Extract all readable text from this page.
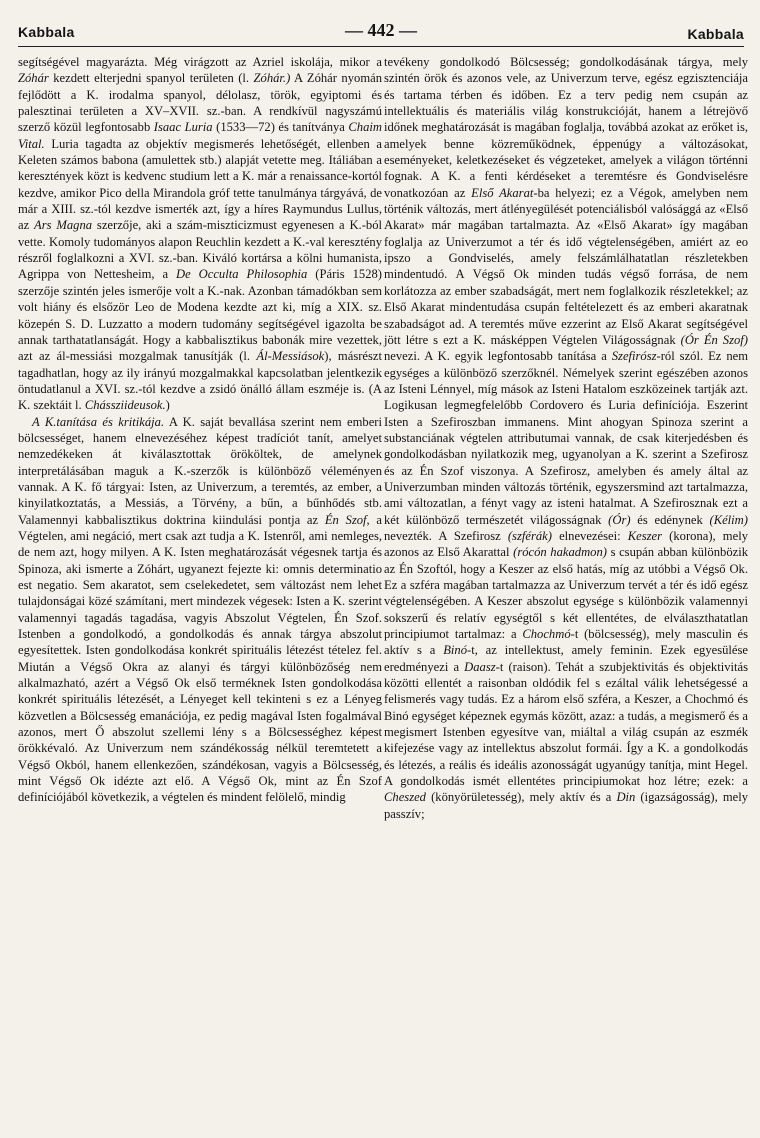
Kabbala	— 442 —	Kabbala

segítségével magyarázta. Még virágzott az Azriel iskolája, mikor a Zóhár kezdett elterjedni spanyol területen (l. Zóhár.) A Zóhár nyomán fejlődött a K. irodalma spanyol, délolasz, török, egyiptomi és palesztinai területen a XV–XVII. sz.-ban. A rendkívül nagyszámú szerző közül legfontosabb Isaac Luria (1533—72) és tanítványa Chaim Vital. Luria tagadta az objektív megismerés lehetőségét, ellenben a Keleten számos babona (amulettek stb.) alapját vetette meg. Itáliában a keresztények közt is kedvenc studium lett a K. már a renaissance-kortól kezdve, amikor Pico della Mirandola gróf tette tanulmánya tárgyává, de már a XIII. sz.-tól kezdve ismerték azt, így a híres Raymundus Lullus, az Ars Magna szerzője, aki a szám-miszticizmust egyenesen a K.-ból vette. Komoly tudományos alapon Reuchlin kezdett a K.-val keresztény részről foglalkozni a XVI. sz.-ban. Kiváló kortársa a kölni humanista, Agrippa von Nettesheim, a De Occulta Philosophia (Páris 1528) szerzője szintén jeles ismerője volt a K.-nak. Azonban támadókban sem volt hiány és elsőzör Leo de Modena kezdte azt ki, míg a XIX. sz. közepén S. D. Luzzatto a modern tudomány segítségével igazolta be annak tarthatatlanságát. Hogy a kabbalisztikus babonák mire vezettek, azt az ál-messiási mozgalmak tanusítják (l. Ál-Messiások), másrészt tagadhatlan, hogy az ily irányú mozgalmakkal kapcsolatban jelentkezik öntudatlanul a XVI. sz.-tól kezdve a zsidó önálló állam eszméje is. (A K. szektáit l. Chássziideusok.)

A K.tanítása és kritikája. A K. saját bevallása szerint nem emberi bölcsességet, hanem elnevezéséhez képest tradíciót tanít, amelyet nemzedékeken át kiválasztottak örököltek, de amelynek interpretálásában maguk a K.-szerzők is különböző véleményen vannak. A K. fő tárgyai: Isten, az Univerzum, a teremtés, az ember, a kinyilatkoztatás, a Messiás, a Törvény, a bűn, a bűnhődés stb. Valamennyi kabbalisztikus doktrina kiindulási pontja az Én Szof, a Végtelen, ami negáció, mert csak azt tudja a K. Istenről, ami nemleges, de nem azt, hogy milyen. A K. Isten meghatározását végesnek tartja és Spinoza, aki ismerte a Zóhárt, ugyanezt fejezte ki: omnis determinatio est negatio. Sem akaratot, sem cselekedetet, sem változást nem lehet tulajdonságai közé számítani, mert mindezek végesek: Isten a K. szerint valamennyi tagadás tagadása, vagyis Abszolut Végtelen, Én Szof. Istenben a gondolkodó, a gondolkodás és annak tárgya abszolut egyesítettek. Isten gondolkodása konkrét spirituális létezést tételez fel. Miután a Végső Okra az alanyi és tárgyi különbözőség nem alkalmazható, azért a Végső Ok első terméknek Isten gondolkodása konkrét spirituális létezését, a Lényeget kell tekinteni s ez a Lényeg közvetlen a Bölcsesség emanációja, ez pedig magával Isten fogalmával azonos, mert Ő abszolut szellemi lény s a Bölcsességhez képest örökkévaló. Az Univerzum nem szándékosság nélkül teremtetett a Végső Okból, hanem ellenkezően, szándékosan, vagyis a Bölcsesség, mint Végső Ok idézte azt elő. A Végső Ok, mint az Én Szof definíciójából következik, a végtelen és mindent felölelő, mindig

tevékeny gondolkodó Bölcsesség; gondolkodásának tárgya, mely szintén örök és azonos vele, az Univerzum terve, egész egzisztenciája és tartama térben és időben. Ez a terv pedig nem csupán az intellektuális és materiális világ konstrukcióját, hanem a létrejövő időnek meghatározását is magában foglalja, továbbá azokat az erőket is, amelyek benne közreműködnek, éppenúgy a változásokat, eseményeket, keletkezéseket és végzeteket, amelyek a világon történni fognak. A K. a fenti kérdéseket a teremtésre és Gondviselésre vonatkozóan az Első Akarat-ba helyezi; ez a Végok, amelyben nem történik változás, mert átlényegülését potenciálisból valósággá az «Első Akarat» már magában tartalmazta. Az «Első Akarat» így magában foglalja az Univerzumot a tér és idő végtelenségében, amiért az eo ipszo a Gondviselés, amely felszámlálhatatlan részletekben mindentudó. A Végső Ok minden tudás végső forrása, de nem korlátozza az ember szabadságát, mert nem foglalkozik részletekkel; az Első Akarat mindentudása csupán feltételezett és az emberi akaratnak szabadságot ad. A teremtés műve ezzerint az Első Akarat segítségével jött létre s ezt a K. másképpen Végtelen Világosságnak (Ór Én Szof) nevezi. A K. egyik legfontosabb tanítása a Szefirósz-ról szól. Ez nem egységes a különböző szerzőknél. Némelyek szerint egészében azonos az Isteni Lénnyel, míg mások az Isteni Hatalom eszközeinek tartják azt. Logikusan legmegfelelőbb Cordovero és Luria definíciója. Eszerint Isten a Szefiroszban immanens. Mint ahogyan Spinoza szerint a substanciának végtelen attributumai vannak, de csak kiterjedésben és gondolkodásban nyilatkozik meg, ugyanolyan a K. szerint a Szefirosz és az Én Szof viszonya. A Szefirosz, amelyben és amely által az Univerzumban minden változás történik, egyszersmind azt tartalmazza, ami változatlan, a fényt vagy az isteni hatalmat. A Szefirosznak ezt a két különböző természetét világosságnak (Ór) és edénynek (Kélim) nevezték. A Szefirosz (szférák) elnevezései: Keszer (korona), mely azonos az Első Akarattal (rócón hakadmon) s csupán abban különbözik az Én Szoftól, hogy a Keszer az első hatás, míg az utóbbi a Végső Ok. Ez a szféra magában tartalmazza az Univerzum tervét a tér és idő egész végtelenségében. A Keszer abszolut egysége s különbözik valamennyi sokszerű és relatív egységtől s két ellentétes, de elválaszthatatlan principiumot tartalmaz: a Chochmó-t (bölcsesség), mely masculin és aktív s a Binó-t, az intellektust, amely feminin. Ezek egyesülése eredményezi a Daasz-t (raison). Tehát a szubjektivitás és objektivitás közötti ellentét a raisonban oldódik fel s ezáltal válik lehetségessé a felismerés vagy tudás. Ez a három első szféra, a Keszer, a Chochmó és Binó egységet képeznek egymás között, azaz: a tudás, a megismerő és a megismert Istenben egyesítve van, miáltal a világ csupán az eszmék kifejezése vagy az intellektus abszolut formái. Így a K. a gondolkodás és létezés, a reális és ideális azonosságát ugyanúgy tanítja, mint Hegel. A gondolkodás ismét ellentétes principiumokat hoz létre; ezek: a Cheszed (könyörületesség), mely aktív és a Din (igazságosság), mely passzív;
